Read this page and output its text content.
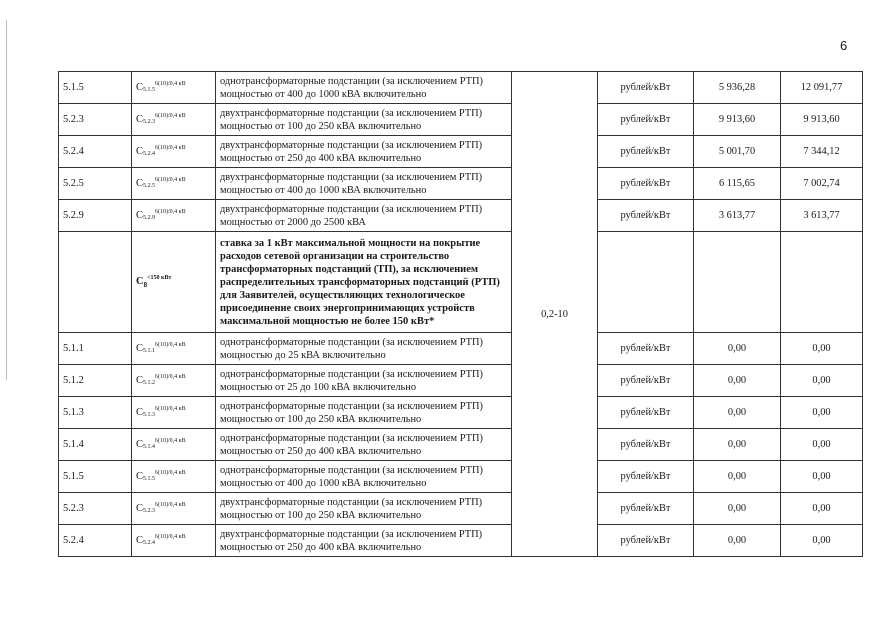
6
5.1.5	$C_{5.1.5}^{6(10)/0,4 кВ}$	однотрансформаторные подстанции (за исключением РТП) мощностью от 400 до 1000 кВА включительно	0,2-10	рублей/кВт	5 936,28	12 091,77
5.2.3	$C_{5.2.3}^{6(10)/0,4 кВ}$	двухтрансформаторные подстанции (за исключением РТП) мощностью от 100 до 250 кВА включительно		рублей/кВт	9 913,60	9 913,60
5.2.4	$C_{5.2.4}^{6(10)/0,4 кВ}$	двухтрансформаторные подстанции (за исключением РТП) мощностью от 250 до 400 кВА включительно		рублей/кВт	5 001,70	7 344,12
5.2.5	$C_{5.2.5}^{6(10)/0,4 кВ}$	двухтрансформаторные подстанции (за исключением РТП) мощностью от 400 до 1000 кВА включительно		рублей/кВт	6 115,65	7 002,74
5.2.9	$C_{5.2.9}^{6(10)/0,4 кВ}$	двухтрансформаторные подстанции (за исключением РТП) мощностью от 2000 до 2500 кВА		рублей/кВт	3 613,77	3 613,77
	$C_8^{<150 кВт}$	ставка за 1 кВт максимальной мощности на покрытие расходов сетевой организации на строительство трансформаторных подстанций (ТП), за исключением распределительных трансформаторных подстанций (РТП) для Заявителей, осуществляющих технологическое присоединение своих энергопринимающих устройств максимальной мощностью не более 150 кВт*				
5.1.1	$C_{5.1.1}^{6(10)/0,4 кВ}$	однотрансформаторные подстанции (за исключением РТП) мощностью до 25 кВА включительно		рублей/кВт	0,00	0,00
5.1.2	$C_{5.1.2}^{6(10)/0,4 кВ}$	однотрансформаторные подстанции (за исключением РТП) мощностью от 25 до 100 кВА включительно		рублей/кВт	0,00	0,00
5.1.3	$C_{5.1.3}^{6(10)/0,4 кВ}$	однотрансформаторные подстанции (за исключением РТП) мощностью от 100 до 250 кВА включительно		рублей/кВт	0,00	0,00
5.1.4	$C_{5.1.4}^{6(10)/0,4 кВ}$	однотрансформаторные подстанции (за исключением РТП) мощностью от 250 до 400 кВА включительно		рублей/кВт	0,00	0,00
5.1.5	$C_{5.1.5}^{6(10)/0,4 кВ}$	однотрансформаторные подстанции (за исключением РТП) мощностью от 400 до 1000 кВА включительно		рублей/кВт	0,00	0,00
5.2.3	$C_{5.2.3}^{6(10)/0,4 кВ}$	двухтрансформаторные подстанции (за исключением РТП) мощностью от 100 до 250 кВА включительно		рублей/кВт	0,00	0,00
5.2.4	$C_{5.2.4}^{6(10)/0,4 кВ}$	двухтрансформаторные подстанции (за исключением РТП) мощностью от 250 до 400 кВА включительно		рублей/кВт	0,00	0,00
